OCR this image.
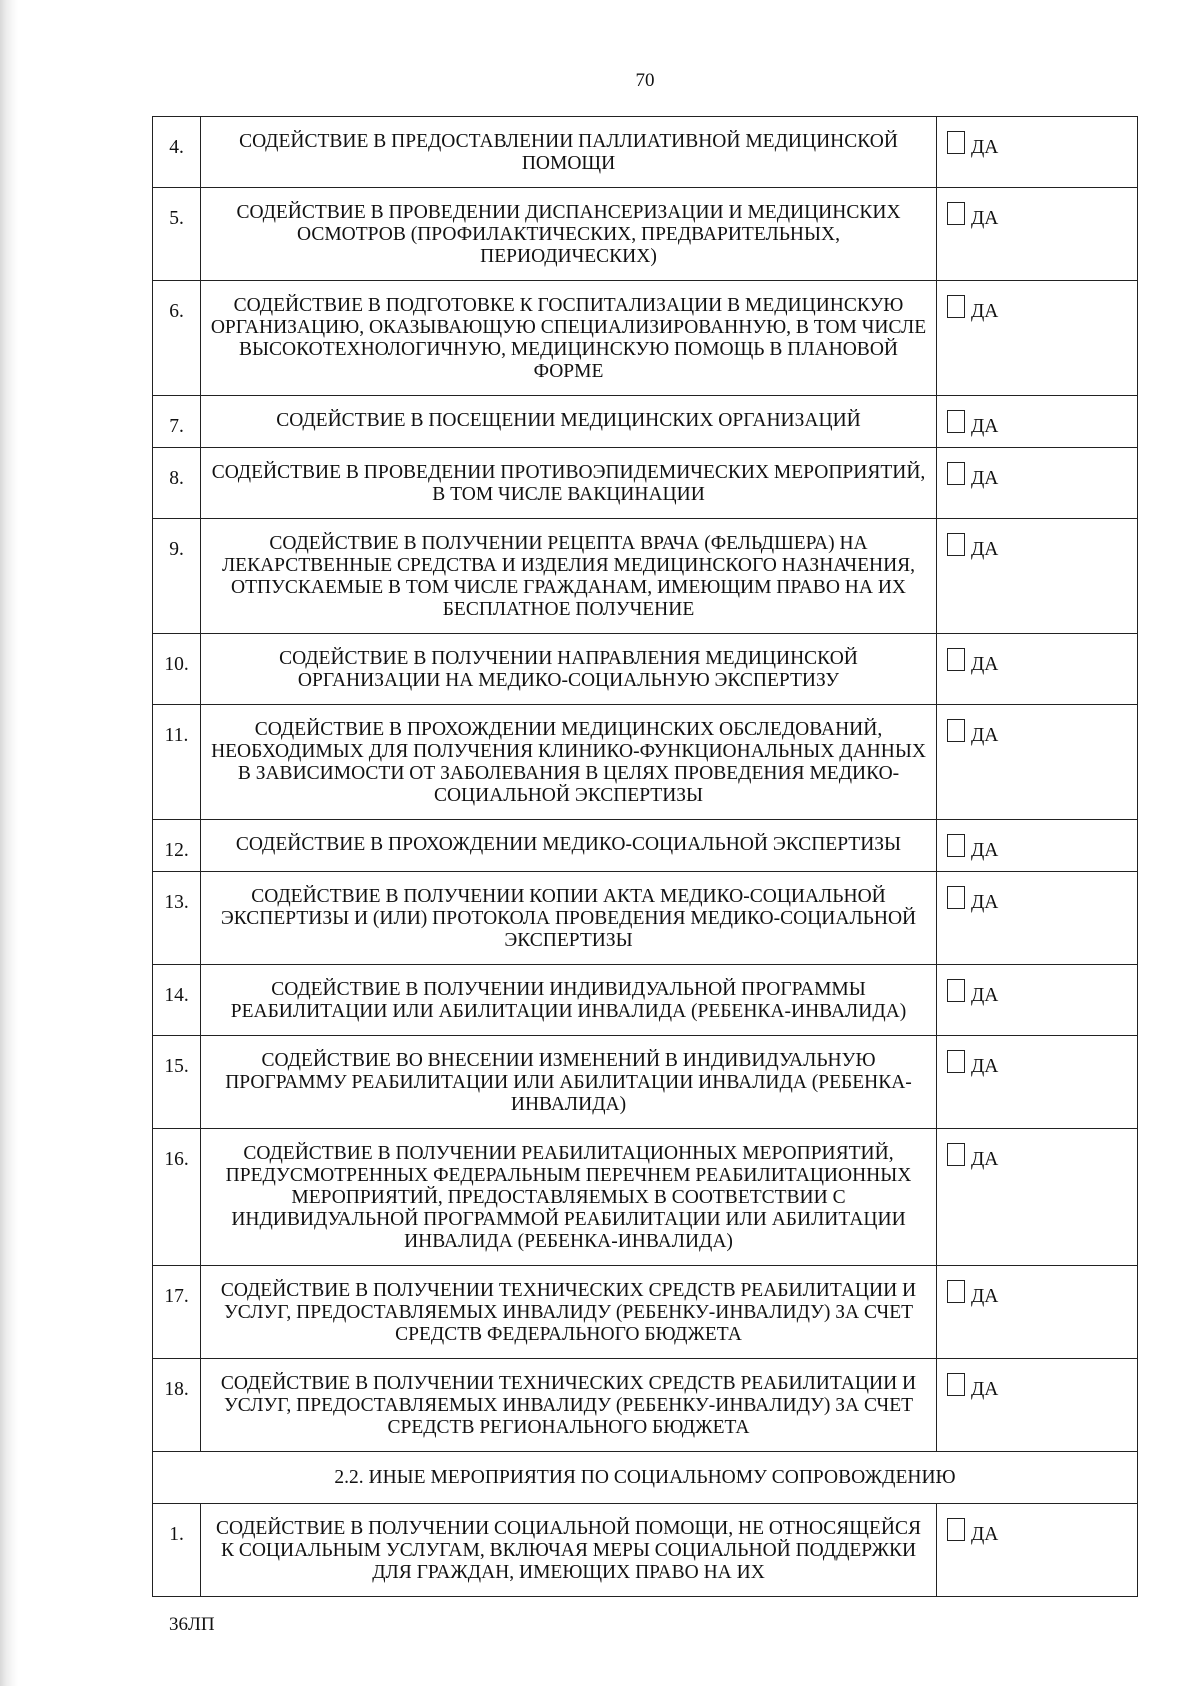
70
4.	СОДЕЙСТВИЕ В ПРЕДОСТАВЛЕНИИ ПАЛЛИАТИВНОЙ МЕДИЦИНСКОЙ ПОМОЩИ	ДА

5.	СОДЕЙСТВИЕ В ПРОВЕДЕНИИ ДИСПАНСЕРИЗАЦИИ И МЕДИЦИНСКИХ ОСМОТРОВ (ПРОФИЛАКТИЧЕСКИХ, ПРЕДВАРИТЕЛЬНЫХ, ПЕРИОДИЧЕСКИХ)	ДА

6.	СОДЕЙСТВИЕ В ПОДГОТОВКЕ К ГОСПИТАЛИЗАЦИИ В МЕДИЦИНСКУЮ ОРГАНИЗАЦИЮ, ОКАЗЫВАЮЩУЮ СПЕЦИАЛИЗИРОВАННУЮ, В ТОМ ЧИСЛЕ ВЫСОКОТЕХНОЛОГИЧНУЮ, МЕДИЦИНСКУЮ ПОМОЩЬ В ПЛАНОВОЙ ФОРМЕ	ДА

7.	СОДЕЙСТВИЕ В ПОСЕЩЕНИИ МЕДИЦИНСКИХ ОРГАНИЗАЦИЙ	ДА

8.	СОДЕЙСТВИЕ В ПРОВЕДЕНИИ ПРОТИВОЭПИДЕМИЧЕСКИХ МЕРОПРИЯТИЙ, В ТОМ ЧИСЛЕ ВАКЦИНАЦИИ	ДА

9.	СОДЕЙСТВИЕ В ПОЛУЧЕНИИ РЕЦЕПТА ВРАЧА (ФЕЛЬДШЕРА) НА ЛЕКАРСТВЕННЫЕ СРЕДСТВА И ИЗДЕЛИЯ МЕДИЦИНСКОГО НАЗНАЧЕНИЯ, ОТПУСКАЕМЫЕ В ТОМ ЧИСЛЕ ГРАЖДАНАМ, ИМЕЮЩИМ ПРАВО НА ИХ БЕСПЛАТНОЕ ПОЛУЧЕНИЕ	ДА

10.	СОДЕЙСТВИЕ В ПОЛУЧЕНИИ НАПРАВЛЕНИЯ МЕДИЦИНСКОЙ ОРГАНИЗАЦИИ НА МЕДИКО-СОЦИАЛЬНУЮ ЭКСПЕРТИЗУ	ДА

11.	СОДЕЙСТВИЕ В ПРОХОЖДЕНИИ МЕДИЦИНСКИХ ОБСЛЕДОВАНИЙ, НЕОБХОДИМЫХ ДЛЯ ПОЛУЧЕНИЯ КЛИНИКО-ФУНКЦИОНАЛЬНЫХ ДАННЫХ В ЗАВИСИМОСТИ ОТ ЗАБОЛЕВАНИЯ В ЦЕЛЯХ ПРОВЕДЕНИЯ МЕДИКО-СОЦИАЛЬНОЙ ЭКСПЕРТИЗЫ	ДА

12.	СОДЕЙСТВИЕ В ПРОХОЖДЕНИИ МЕДИКО-СОЦИАЛЬНОЙ ЭКСПЕРТИЗЫ	ДА

13.	СОДЕЙСТВИЕ В ПОЛУЧЕНИИ КОПИИ АКТА МЕДИКО-СОЦИАЛЬНОЙ ЭКСПЕРТИЗЫ И (ИЛИ) ПРОТОКОЛА ПРОВЕДЕНИЯ МЕДИКО-СОЦИАЛЬНОЙ ЭКСПЕРТИЗЫ	ДА

14.	СОДЕЙСТВИЕ В ПОЛУЧЕНИИ ИНДИВИДУАЛЬНОЙ ПРОГРАММЫ РЕАБИЛИТАЦИИ ИЛИ АБИЛИТАЦИИ ИНВАЛИДА (РЕБЕНКА-ИНВАЛИДА)	ДА

15.	СОДЕЙСТВИЕ ВО ВНЕСЕНИИ ИЗМЕНЕНИЙ В ИНДИВИДУАЛЬНУЮ ПРОГРАММУ РЕАБИЛИТАЦИИ ИЛИ АБИЛИТАЦИИ ИНВАЛИДА (РЕБЕНКА-ИНВАЛИДА)	ДА

16.	СОДЕЙСТВИЕ В ПОЛУЧЕНИИ РЕАБИЛИТАЦИОННЫХ МЕРОПРИЯТИЙ, ПРЕДУСМОТРЕННЫХ ФЕДЕРАЛЬНЫМ ПЕРЕЧНЕМ РЕАБИЛИТАЦИОННЫХ МЕРОПРИЯТИЙ, ПРЕДОСТАВЛЯЕМЫХ В СООТВЕТСТВИИ С ИНДИВИДУАЛЬНОЙ ПРОГРАММОЙ РЕАБИЛИТАЦИИ ИЛИ АБИЛИТАЦИИ ИНВАЛИДА (РЕБЕНКА-ИНВАЛИДА)	ДА

17.	СОДЕЙСТВИЕ В ПОЛУЧЕНИИ ТЕХНИЧЕСКИХ СРЕДСТВ РЕАБИЛИТАЦИИ И УСЛУГ, ПРЕДОСТАВЛЯЕМЫХ ИНВАЛИДУ (РЕБЕНКУ-ИНВАЛИДУ) ЗА СЧЕТ СРЕДСТВ ФЕДЕРАЛЬНОГО БЮДЖЕТА	ДА

18.	СОДЕЙСТВИЕ В ПОЛУЧЕНИИ ТЕХНИЧЕСКИХ СРЕДСТВ РЕАБИЛИТАЦИИ И УСЛУГ, ПРЕДОСТАВЛЯЕМЫХ ИНВАЛИДУ (РЕБЕНКУ-ИНВАЛИДУ) ЗА СЧЕТ СРЕДСТВ РЕГИОНАЛЬНОГО БЮДЖЕТА	ДА

2.2. ИНЫЕ МЕРОПРИЯТИЯ ПО СОЦИАЛЬНОМУ СОПРОВОЖДЕНИЮ		
1.	СОДЕЙСТВИЕ В ПОЛУЧЕНИИ СОЦИАЛЬНОЙ ПОМОЩИ, НЕ ОТНОСЯЩЕЙСЯ К СОЦИАЛЬНЫМ УСЛУГАМ, ВКЛЮЧАЯ МЕРЫ СОЦИАЛЬНОЙ ПОДДЕРЖКИ ДЛЯ ГРАЖДАН, ИМЕЮЩИХ ПРАВО НА ИХ	ДА
36ЛП
